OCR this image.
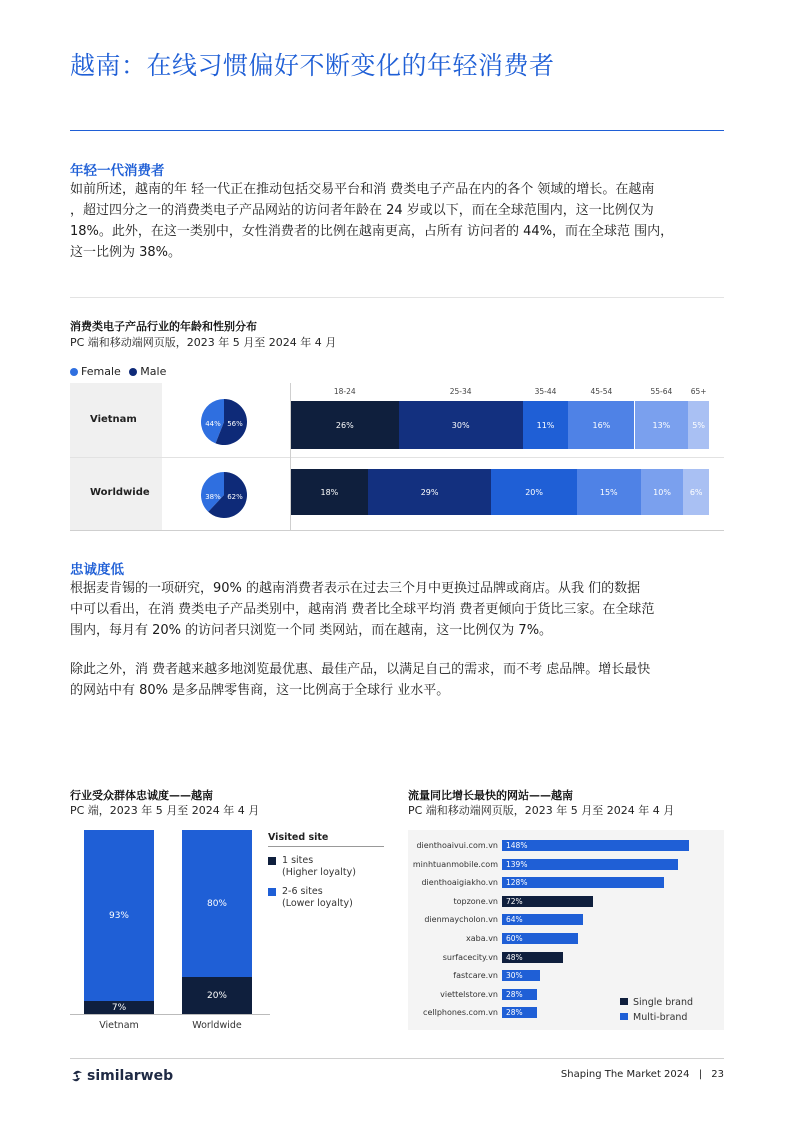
越南：在线习惯偏好不断变化的年轻消费者
年轻一代消费者
如前所述，越南的年 轻一代正在推动包括交易平台和消 费类电子产品在内的各个 领域的增长。在越南
，超过四分之一的消费类电子产品网站的访问者年龄在 24 岁或以下，而在全球范围内，这一比例仅为
18%。此外，在这一类别中，女性消费者的比例在越南更高，占所有 访问者的 44%，而在全球范 围内，
这一比例为 38%。
消费类电子产品行业的年龄和性别分布
PC 端和移动端网页版，2023 年 5 月至 2024 年 4 月
Female Male
Vietnam
Worldwide
44% 56%
38% 62%
18-24	25-34	35-44	45-54	55-64	65+
26%	30%	11%	16%	13%	5%
18%	29%	20%	15%	10%	6%
忠诚度低
根据麦肯锡的一项研究，90% 的越南消费者表示在过去三个月中更换过品牌或商店。从我 们的数据
中可以看出，在消 费类电子产品类别中，越南消 费者比全球平均消 费者更倾向于货比三家。在全球范
围内，每月有 20% 的访问者只浏览一个同 类网站，而在越南，这一比例仅为 7%。
除此之外，消 费者越来越多地浏览最优惠、最佳产品，以满足自己的需求，而不考 虑品牌。增长最快
的网站中有 80% 是多品牌零售商，这一比例高于全球行 业水平。
行业受众群体忠诚度——越南
PC 端，2023 年 5 月至 2024 年 4 月
93%
7%
80%
20%
Vietnam	Worldwide
Visited site
1 sites
(Higher loyalty)
2-6 sites
(Lower loyalty)
流量同比增长最快的网站——越南
PC 端和移动端网页版，2023 年 5 月至 2024 年 4 月
Single brand
Multi-brand
dienthoaivui.com.vn	148%
minhtuanmobile.com	139%
dienthoaigiakho.vn	128%
topzone.vn	72%
dienmaycholon.vn	64%
xaba.vn	60%
surfacecity.vn	48%
fastcare.vn	30%
viettelstore.vn	28%
cellphones.com.vn	28%
similarweb	Shaping The Market 2024 | 23
